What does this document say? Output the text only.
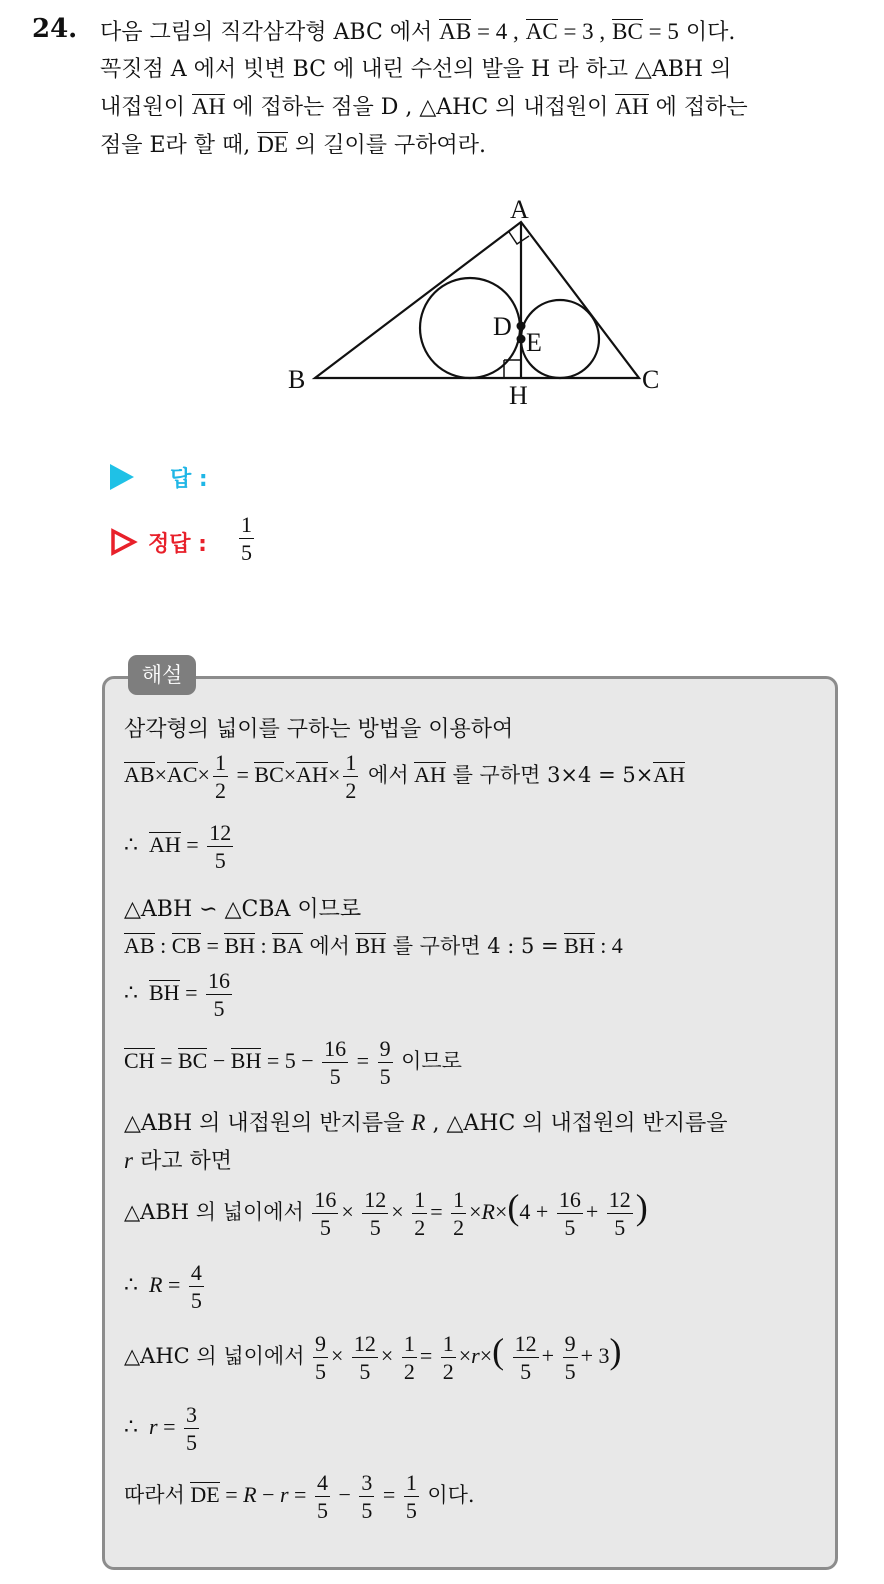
24. 다음 그림의 직각삼각형 ABC 에서 AB = 4 , AC = 3 , BC = 5 이다.
꼭짓점 A 에서 빗변 BC 에 내린 수선의 발을 H 라 하고 △ABH 의
내접원이 AH 에 접하는 점을 D , △AHC 의 내접원이 AH 에 접하는
점을 E라 할 때, DE 의 길이를 구하여라.
A
B	C
D
E
H
답 :
정답 : $\frac{1}{5}$
해설
삼각형의 넓이를 구하는 방법을 이용하여
$AB\times AC\times \frac{1}{2} = BC\times AH\times \frac{1}{2}$ 에서 AH 를 구하면 3×4 = 5×AH
∴ AH = $\frac{12}{5}$
△ABH ∽ △CBA 이므로
AB : CB = BH : BA 에서 BH 를 구하면 4 : 5 = BH : 4
∴ BH = $\frac{16}{5}$
CH = BC − BH = $5 - \frac{16}{5} = \frac{9}{5}$ 이므로
△ABH 의 내접원의 반지름을 R , △AHC 의 내접원의 반지름을
r 라고 하면
△ABH 의 넓이에서 $\frac{16}{5} \times \frac{12}{5} \times \frac{1}{2} = \frac{1}{2} \times R\times(4 + \frac{16}{5} + \frac{12}{5}$ )
∴ $R = \frac{4}{5}$
△AHC 의 넓이에서 $\frac{9}{5} \times \frac{12}{5} \times \frac{1}{2} = \frac{1}{2} \times r\times( \frac{12}{5} + \frac{9}{5} + 3)$
∴ $r = \frac{3}{5}$
따라서 DE = $R - r = \frac{4}{5} - \frac{3}{5} = \frac{1}{5}$ 이다.
